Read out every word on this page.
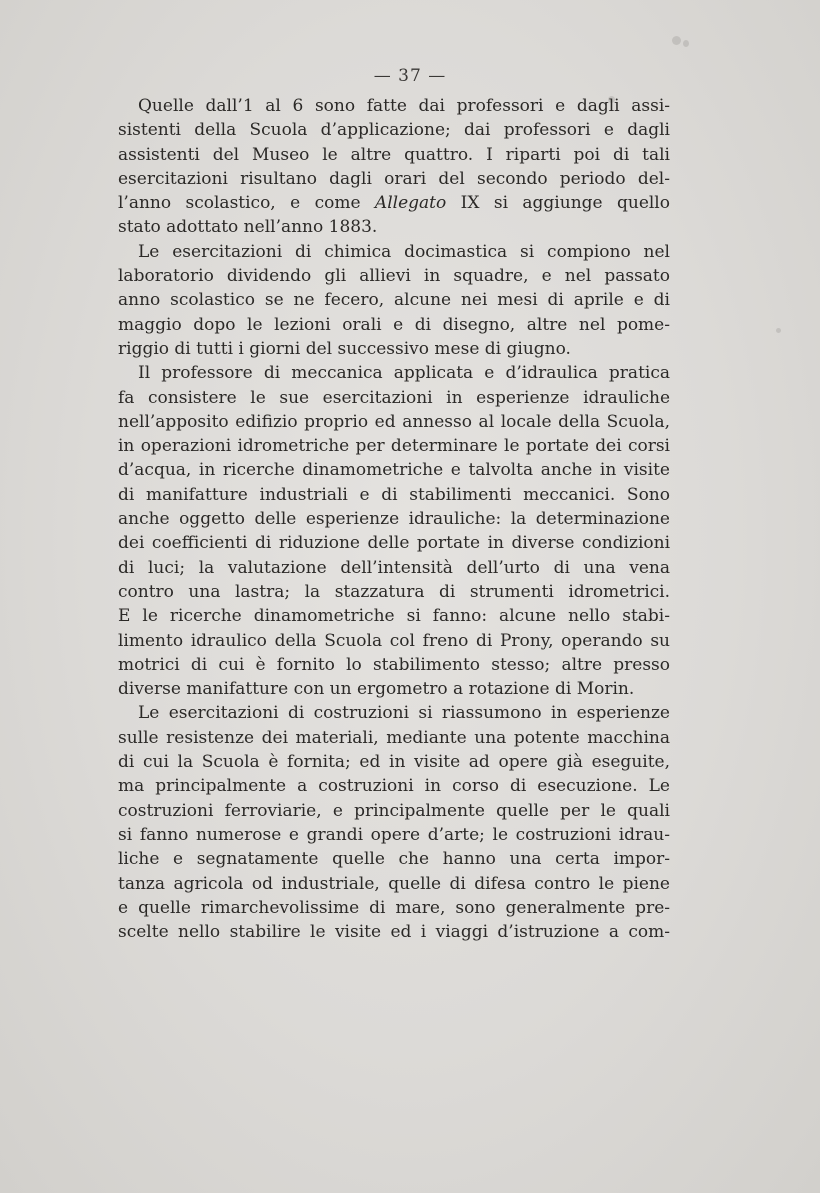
— 37 —
Quelle dall’1 al 6 sono fatte dai professori e dagli assi-
sistenti della Scuola d’applicazione; dai professori e dagli
assistenti del Museo le altre quattro. I riparti poi di tali
esercitazioni risultano dagli orari del secondo periodo del-
l’anno scolastico, e come Allegato IX si aggiunge quello
stato adottato nell’anno 1883.
Le esercitazioni di chimica docimastica si compiono nel
laboratorio dividendo gli allievi in squadre, e nel passato
anno scolastico se ne fecero, alcune nei mesi di aprile e di
maggio dopo le lezioni orali e di disegno, altre nel pome-
riggio di tutti i giorni del successivo mese di giugno.
Il professore di meccanica applicata e d’idraulica pratica
fa consistere le sue esercitazioni in esperienze idrauliche
nell’apposito edifizio proprio ed annesso al locale della Scuola,
in operazioni idrometriche per determinare le portate dei corsi
d’acqua, in ricerche dinamometriche e talvolta anche in visite
di manifatture industriali e di stabilimenti meccanici. Sono
anche oggetto delle esperienze idrauliche: la determinazione
dei coefficienti di riduzione delle portate in diverse condizioni
di luci; la valutazione dell’intensità dell’urto di una vena
contro una lastra; la stazzatura di strumenti idrometrici.
E le ricerche dinamometriche si fanno: alcune nello stabi-
limento idraulico della Scuola col freno di Prony, operando su
motrici di cui è fornito lo stabilimento stesso; altre presso
diverse manifatture con un ergometro a rotazione di Morin.
Le esercitazioni di costruzioni si riassumono in esperienze
sulle resistenze dei materiali, mediante una potente macchina
di cui la Scuola è fornita; ed in visite ad opere già eseguite,
ma principalmente a costruzioni in corso di esecuzione. Le
costruzioni ferroviarie, e principalmente quelle per le quali
si fanno numerose e grandi opere d’arte; le costruzioni idrau-
liche e segnatamente quelle che hanno una certa impor-
tanza agricola od industriale, quelle di difesa contro le piene
e quelle rimarchevolissime di mare, sono generalmente pre-
scelte nello stabilire le visite ed i viaggi d’istruzione a com-
